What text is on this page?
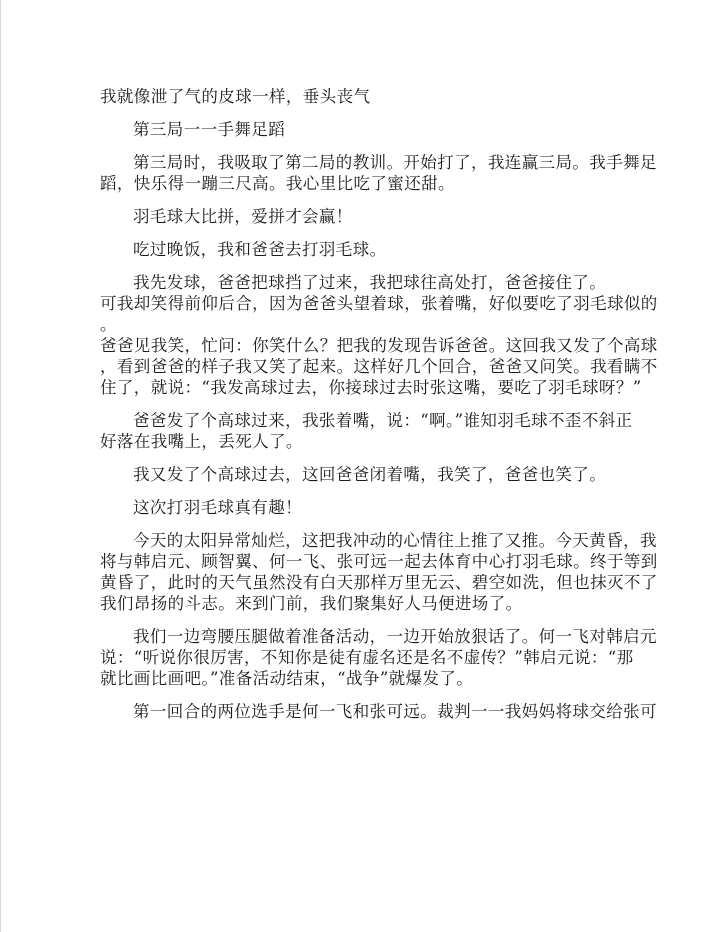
我就像泄了气的皮球一样，垂头丧气
第三局一一手舞足蹈
第三局时，我吸取了第二局的教训。开始打了，我连赢三局。我手舞足
蹈，快乐得一蹦三尺高。我心里比吃了蜜还甜。
羽毛球大比拼，爱拼才会赢！
吃过晚饭，我和爸爸去打羽毛球。
我先发球，爸爸把球挡了过来，我把球往高处打，爸爸接住了。
可我却笑得前仰后合，因为爸爸头望着球，张着嘴，好似要吃了羽毛球似的
。
爸爸见我笑，忙问：你笑什么？把我的发现告诉爸爸。这回我又发了个高球
，看到爸爸的样子我又笑了起来。这样好几个回合，爸爸又问笑。我看瞒不
住了，就说：“我发高球过去，你接球过去时张这嘴，要吃了羽毛球呀？”
爸爸发了个高球过来，我张着嘴，说：“啊。”谁知羽毛球不歪不斜正
好落在我嘴上，丢死人了。
我又发了个高球过去，这回爸爸闭着嘴，我笑了，爸爸也笑了。
这次打羽毛球真有趣！
今天的太阳异常灿烂，这把我冲动的心情往上推了又推。今天黄昏，我
将与韩启元、顾智翼、何一飞、张可远一起去体育中心打羽毛球。终于等到
黄昏了，此时的天气虽然没有白天那样万里无云、碧空如洗，但也抹灭不了
我们昂扬的斗志。来到门前，我们聚集好人马便进场了。
我们一边弯腰压腿做着准备活动，一边开始放狠话了。何一飞对韩启元
说：“听说你很厉害，不知你是徒有虚名还是名不虚传？”韩启元说：“那
就比画比画吧。”准备活动结束，“战争”就爆发了。
第一回合的两位选手是何一飞和张可远。裁判一一我妈妈将球交给张可
